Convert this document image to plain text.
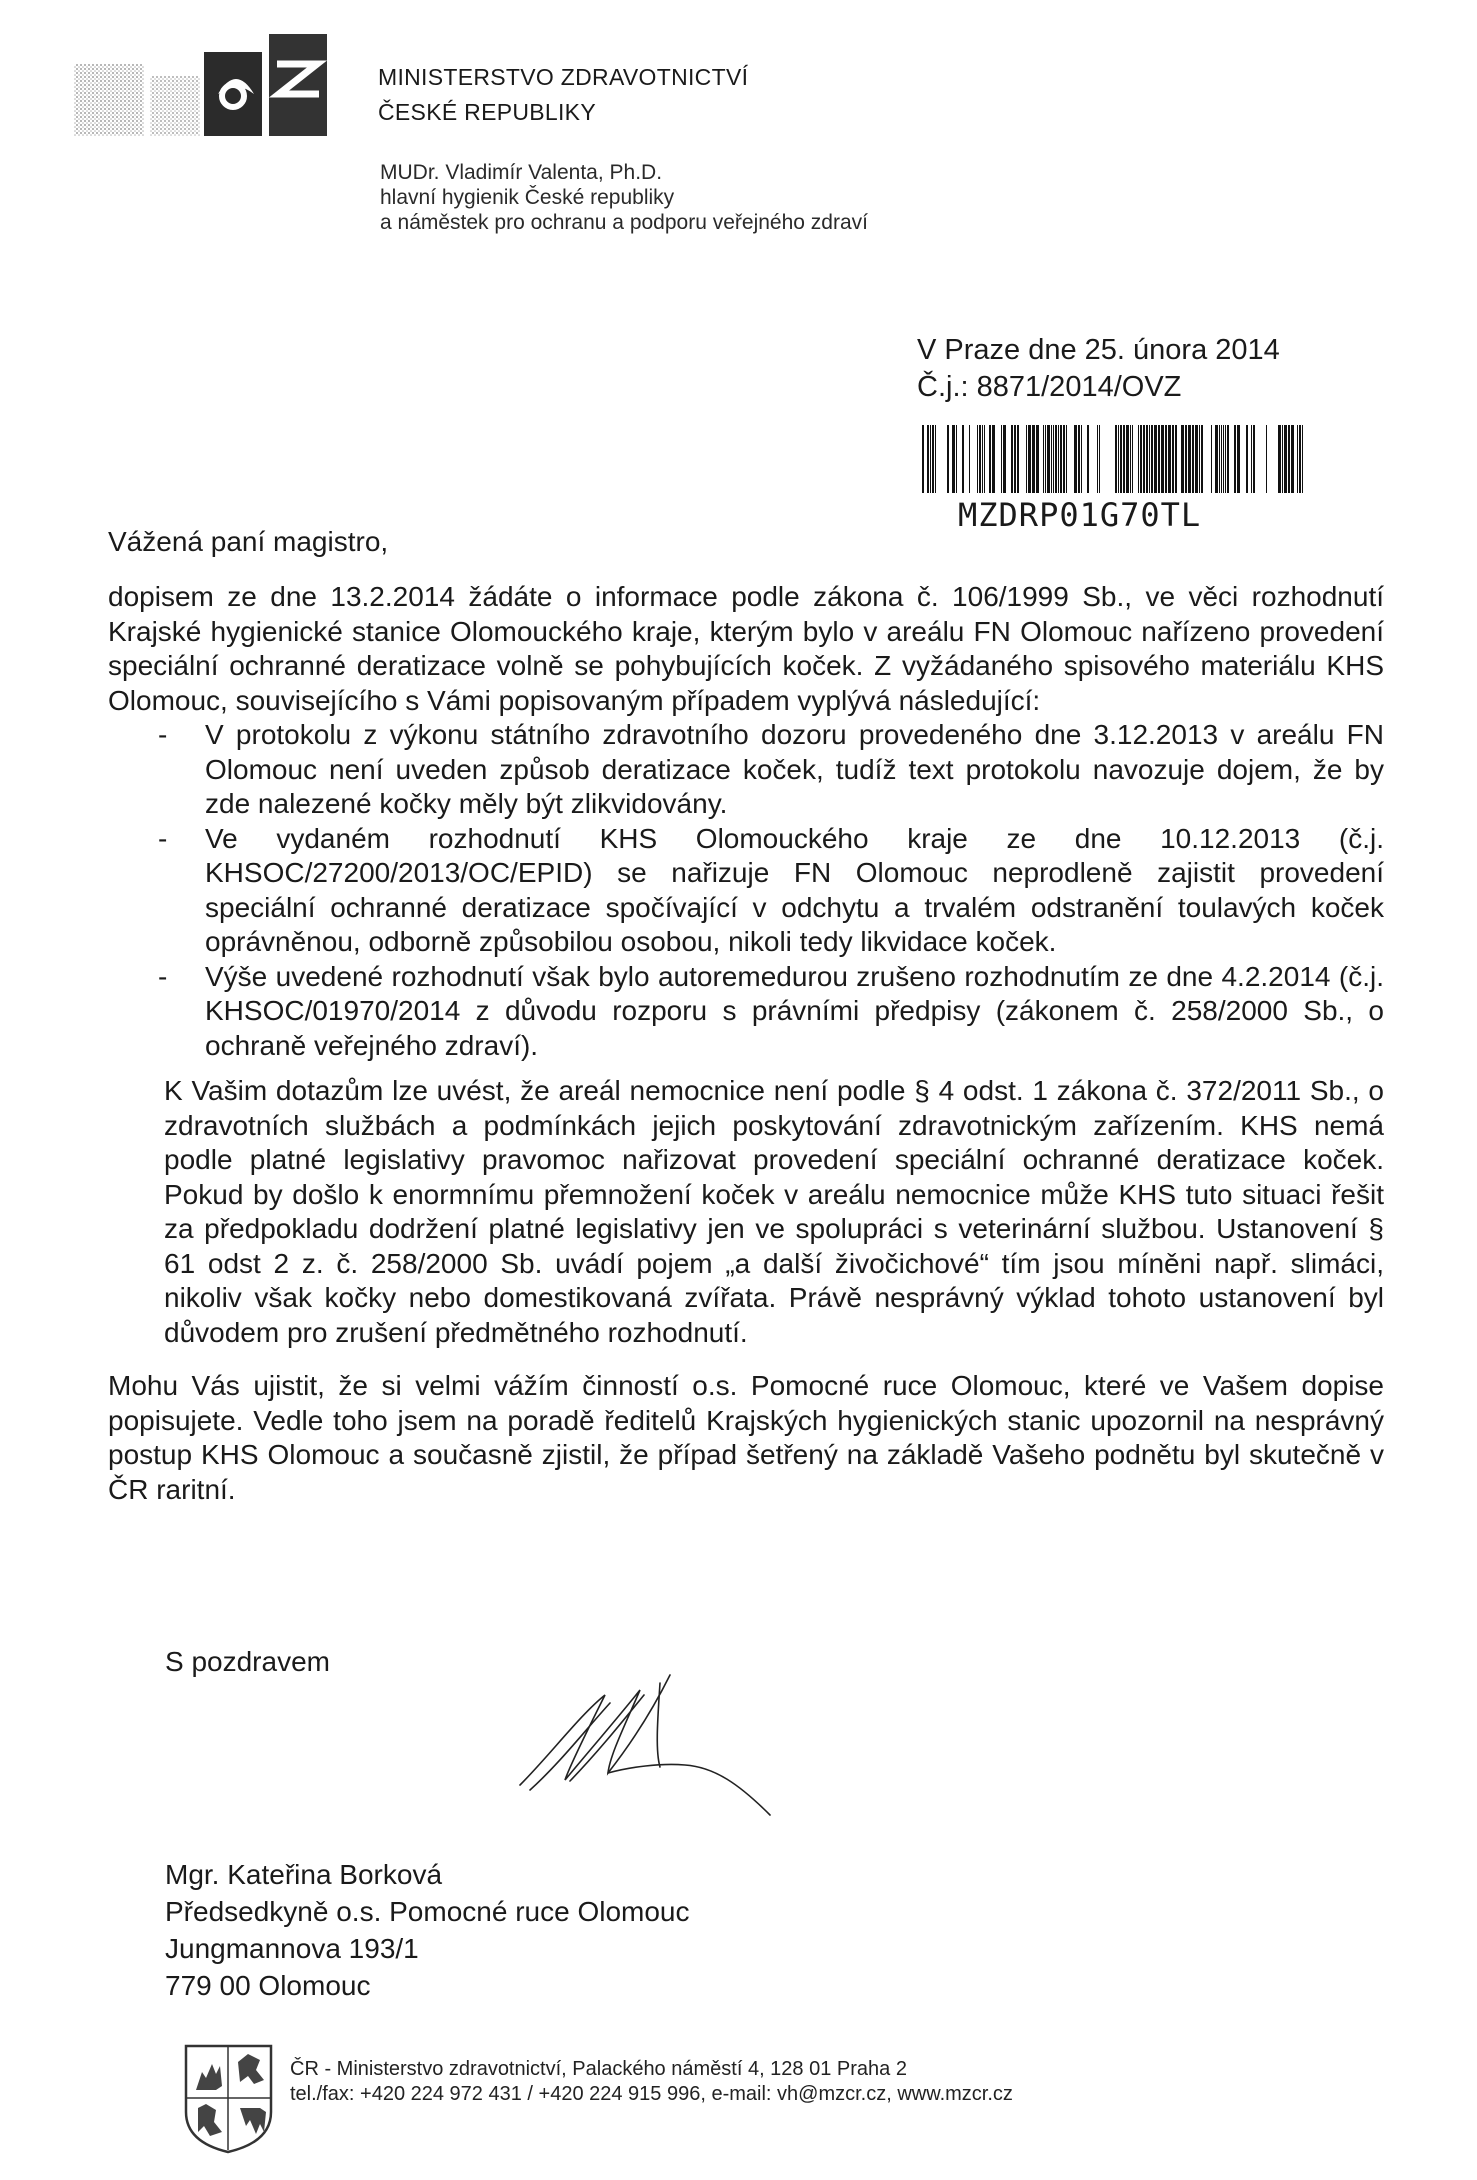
MINISTERSTVO ZDRAVOTNICTVÍ
ČESKÉ REPUBLIKY
MUDr. Vladimír Valenta, Ph.D.
hlavní hygienik České republiky
a náměstek pro ochranu a podporu veřejného zdraví
V Praze dne 25. února 2014
Č.j.: 8871/2014/OVZ
MZDRP01G70TL
Vážená paní magistro,

dopisem ze dne 13.2.2014 žádáte o informace podle zákona č. 106/1999 Sb., ve věci rozhodnutí Krajské hygienické stanice Olomouckého kraje, kterým bylo v areálu FN Olomouc nařízeno provedení speciální ochranné deratizace volně se pohybujících koček. Z vyžádaného spisového materiálu KHS Olomouc, souvisejícího s Vámi popisovaným případem vyplývá následující:

- V protokolu z výkonu státního zdravotního dozoru provedeného dne 3.12.2013 v areálu FN Olomouc není uveden způsob deratizace koček, tudíž text protokolu navozuje dojem, že by zde nalezené kočky měly být zlikvidovány.
- Ve vydaném rozhodnutí KHS Olomouckého kraje ze dne 10.12.2013 (č.j. KHSOC/27200/2013/OC/EPID) se nařizuje FN Olomouc neprodleně zajistit provedení speciální ochranné deratizace spočívající v odchytu a trvalém odstranění toulavých koček oprávněnou, odborně způsobilou osobou, nikoli tedy likvidace koček.
- Výše uvedené rozhodnutí však bylo autoremedurou zrušeno rozhodnutím ze dne 4.2.2014 (č.j. KHSOC/01970/2014 z důvodu rozporu s právními předpisy (zákonem č. 258/2000 Sb., o ochraně veřejného zdraví).

K Vašim dotazům lze uvést, že areál nemocnice není podle § 4 odst. 1 zákona č. 372/2011 Sb., o zdravotních službách a podmínkách jejich poskytování zdravotnickým zařízením. KHS nemá podle platné legislativy pravomoc nařizovat provedení speciální ochranné deratizace koček. Pokud by došlo k enormnímu přemnožení koček v areálu nemocnice může KHS tuto situaci řešit za předpokladu dodržení platné legislativy jen ve spolupráci s veterinární službou. Ustanovení § 61 odst 2 z. č. 258/2000 Sb. uvádí pojem „a další živočichové“ tím jsou míněni např. slimáci, nikoliv však kočky nebo domestikovaná zvířata. Právě nesprávný výklad tohoto ustanovení byl důvodem pro zrušení předmětného rozhodnutí.

Mohu Vás ujistit, že si velmi vážím činností o.s. Pomocné ruce Olomouc, které ve Vašem dopise popisujete. Vedle toho jsem na poradě ředitelů Krajských hygienických stanic upozornil na nesprávný postup KHS Olomouc a současně zjistil, že případ šetřený na základě Vašeho podnětu byl skutečně v ČR raritní.

S pozdravem
Mgr. Kateřina Borková
Předsedkyně o.s. Pomocné ruce Olomouc
Jungmannova 193/1
779 00 Olomouc
ČR - Ministerstvo zdravotnictví, Palackého náměstí 4, 128 01 Praha 2
tel./fax: +420 224 972 431 / +420 224 915 996, e-mail: vh@mzcr.cz, www.mzcr.cz
